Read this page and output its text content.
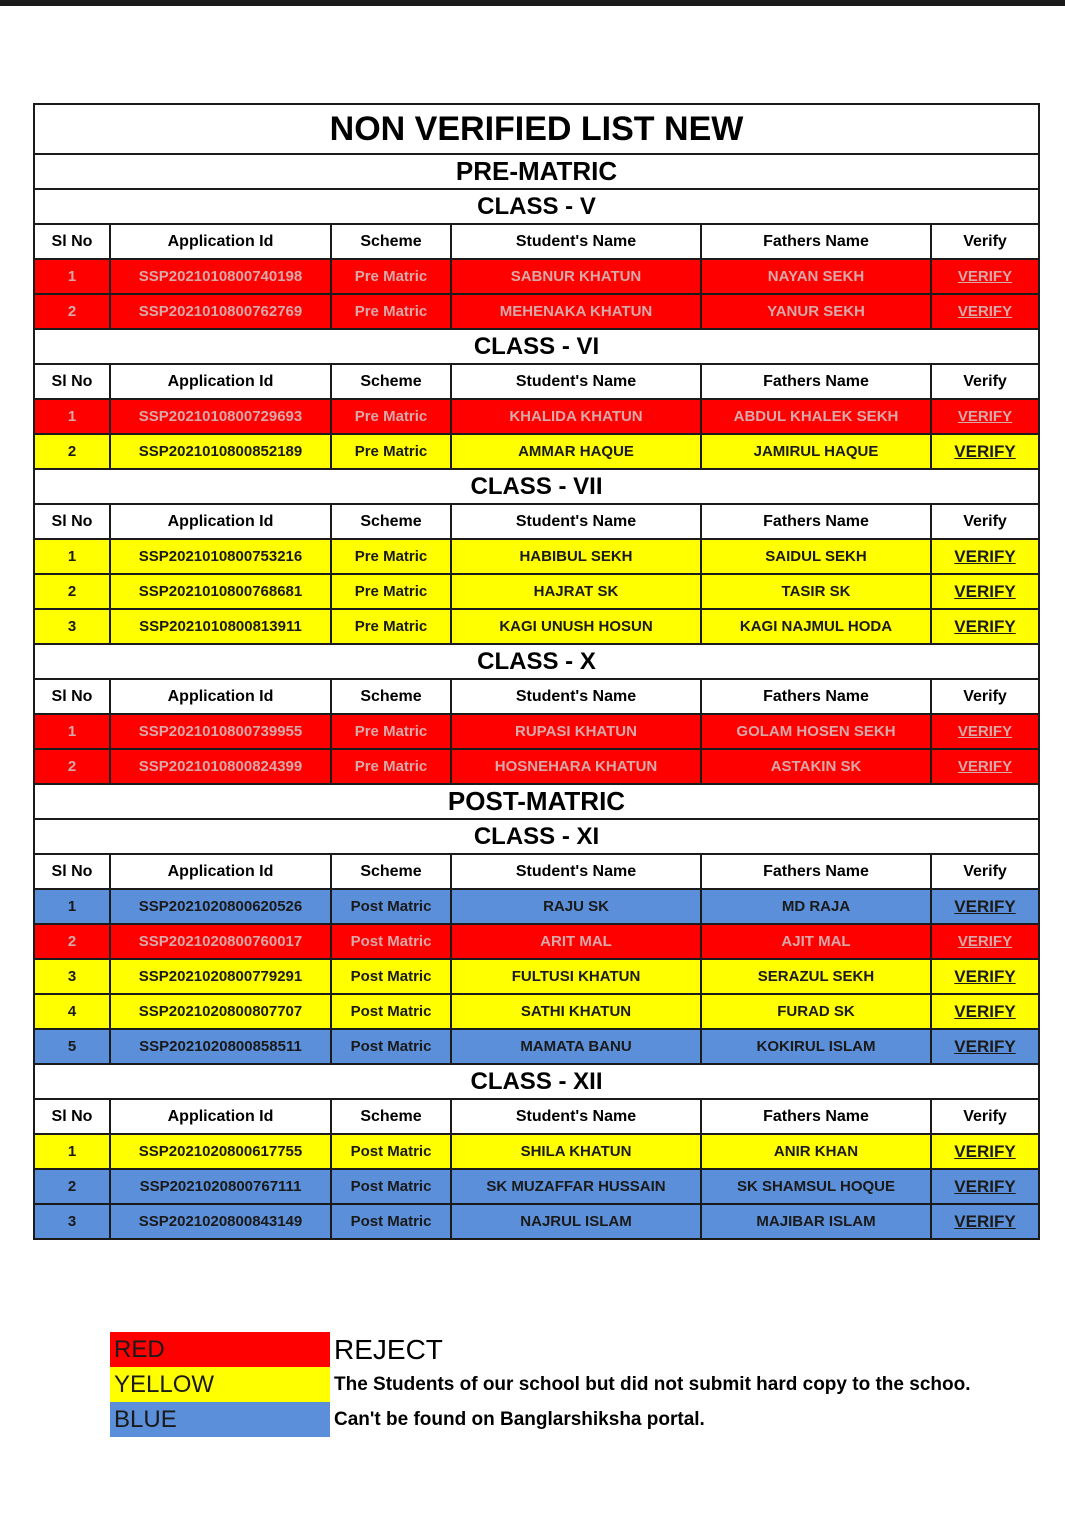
NON VERIFIED LIST NEW					
PRE-MATRIC					
CLASS - V					
Sl No	Application Id	Scheme	Student's Name	Fathers Name	Verify
1	SSP2021010800740198	Pre Matric	SABNUR KHATUN	NAYAN SEKH	VERIFY
2	SSP2021010800762769	Pre Matric	MEHENAKA KHATUN	YANUR SEKH	VERIFY
CLASS - VI					
Sl No	Application Id	Scheme	Student's Name	Fathers Name	Verify
1	SSP2021010800729693	Pre Matric	KHALIDA KHATUN	ABDUL KHALEK SEKH	VERIFY
2	SSP2021010800852189	Pre Matric	AMMAR HAQUE	JAMIRUL HAQUE	VERIFY
CLASS - VII					
Sl No	Application Id	Scheme	Student's Name	Fathers Name	Verify
1	SSP2021010800753216	Pre Matric	HABIBUL SEKH	SAIDUL SEKH	VERIFY
2	SSP2021010800768681	Pre Matric	HAJRAT SK	TASIR SK	VERIFY
3	SSP2021010800813911	Pre Matric	KAGI UNUSH HOSUN	KAGI NAJMUL HODA	VERIFY
CLASS - X					
Sl No	Application Id	Scheme	Student's Name	Fathers Name	Verify
1	SSP2021010800739955	Pre Matric	RUPASI KHATUN	GOLAM HOSEN SEKH	VERIFY
2	SSP2021010800824399	Pre Matric	HOSNEHARA KHATUN	ASTAKIN SK	VERIFY
POST-MATRIC					
CLASS - XI					
Sl No	Application Id	Scheme	Student's Name	Fathers Name	Verify
1	SSP2021020800620526	Post Matric	RAJU SK	MD RAJA	VERIFY
2	SSP2021020800760017	Post Matric	ARIT MAL	AJIT MAL	VERIFY
3	SSP2021020800779291	Post Matric	FULTUSI KHATUN	SERAZUL SEKH	VERIFY
4	SSP2021020800807707	Post Matric	SATHI KHATUN	FURAD SK	VERIFY
5	SSP2021020800858511	Post Matric	MAMATA BANU	KOKIRUL ISLAM	VERIFY
CLASS - XII					
Sl No	Application Id	Scheme	Student's Name	Fathers Name	Verify
1	SSP2021020800617755	Post Matric	SHILA KHATUN	ANIR KHAN	VERIFY
2	SSP2021020800767111	Post Matric	SK MUZAFFAR HUSSAIN	SK SHAMSUL HOQUE	VERIFY
3	SSP2021020800843149	Post Matric	NAJRUL ISLAM	MAJIBAR ISLAM	VERIFY
RED	REJECT
YELLOW	The Students of our school but did not submit hard copy to the schoo.
BLUE	Can't be found on Banglarshiksha portal.
